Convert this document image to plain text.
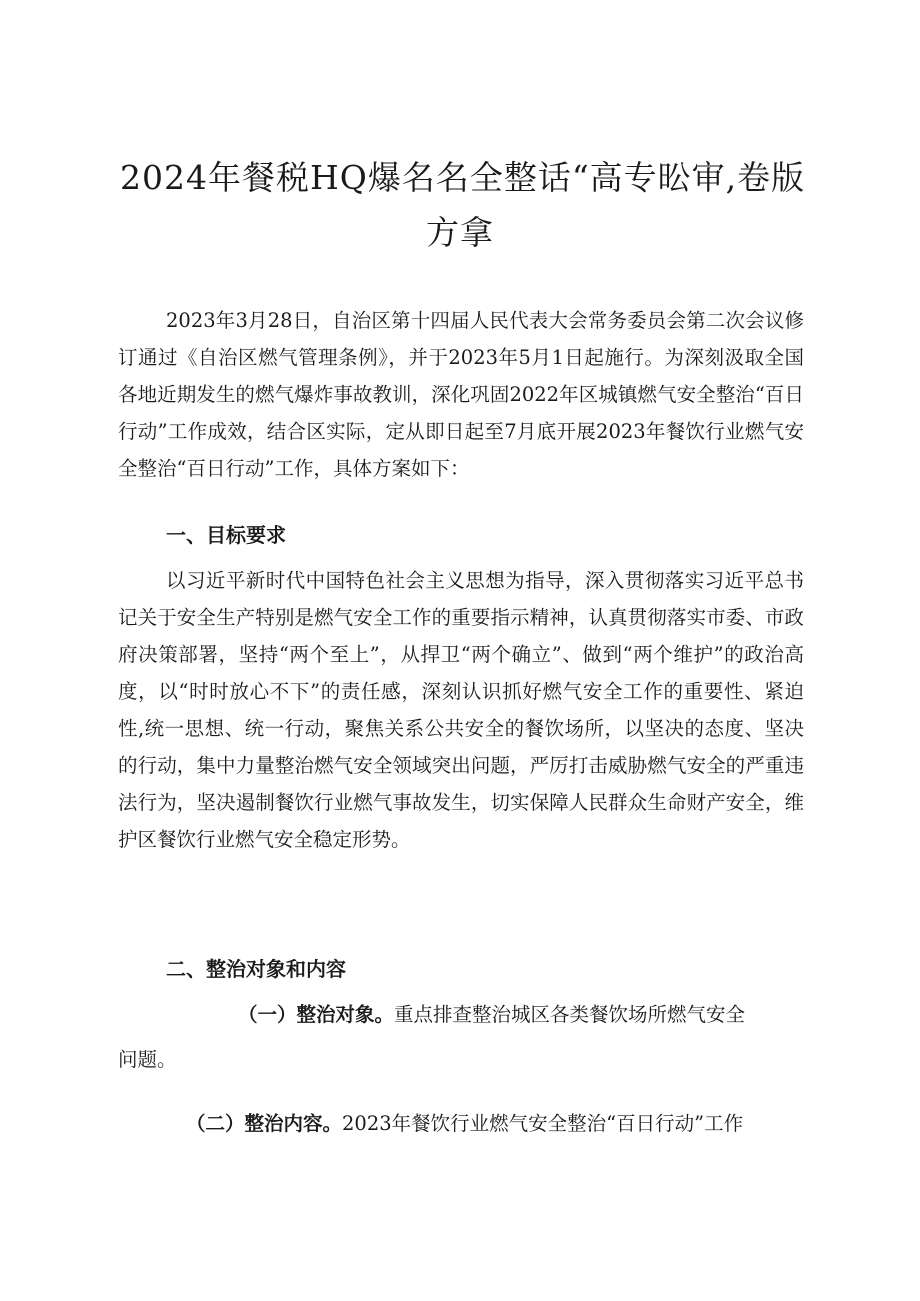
2024年餐税HQ爆名名全整话“高专昖审,卷版
方拿
2023年3月28日，自治区第十四届人民代表大会常务委员会第二次会议修订通过《自治区燃气管理条例》，并于2023年5月1日起施行。为深刻汲取全国各地近期发生的燃气爆炸事故教训，深化巩固2022年区城镇燃气安全整治“百日行动”工作成效，结合区实际，定从即日起至7月底开展2023年餐饮行业燃气安全整治“百日行动”工作，具体方案如下：
一、目标要求
以习近平新时代中国特色社会主义思想为指导，深入贯彻落实习近平总书记关于安全生产特别是燃气安全工作的重要指示精神，认真贯彻落实市委、市政府决策部署，坚持“两个至上”，从捍卫“两个确立”、做到“两个维护”的政治高度，以“时时放心不下”的责任感，深刻认识抓好燃气安全工作的重要性、紧迫性,统一思想、统一行动，聚焦关系公共安全的餐饮场所，以坚决的态度、坚决的行动，集中力量整治燃气安全领域突出问题，严厉打击威胁燃气安全的严重违法行为，坚决遏制餐饮行业燃气事故发生，切实保障人民群众生命财产安全，维护区餐饮行业燃气安全稳定形势。
二、整治对象和内容
（一）整治对象。重点排查整治城区各类餐饮场所燃气安全
问题。
（二）整治内容。2023年餐饮行业燃气安全整治“百日行动”工作
